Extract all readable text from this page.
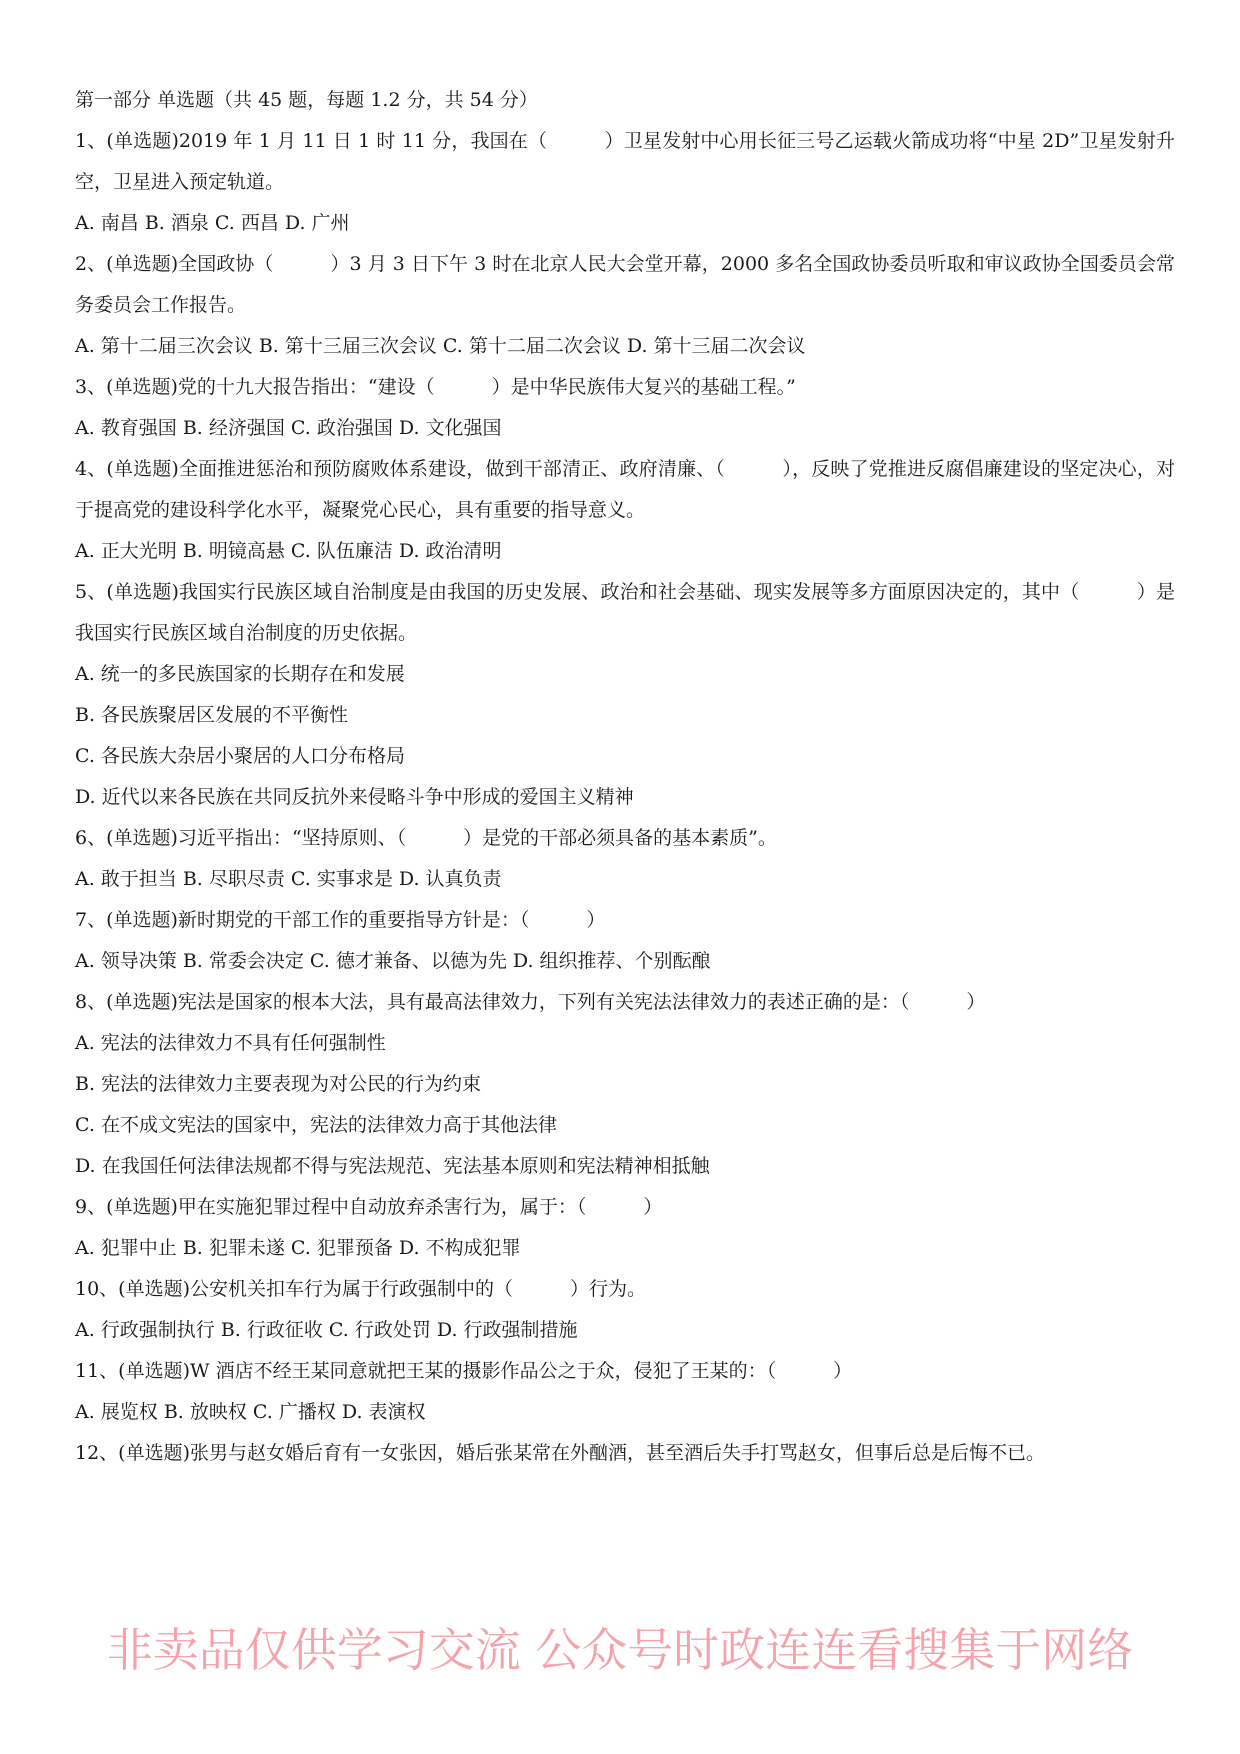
第一部分 单选题（共 45 题，每题 1.2 分，共 54 分）

1、(单选题)2019 年 1 月 11 日 1 时 11 分，我国在（　　　）卫星发射中心用长征三号乙运载火箭成功将“中星 2D”卫星发射升空，卫星进入预定轨道。

A. 南昌 B. 酒泉 C. 西昌 D. 广州

2、(单选题)全国政协（　　　）3 月 3 日下午 3 时在北京人民大会堂开幕，2000 多名全国政协委员听取和审议政协全国委员会常务委员会工作报告。

A. 第十二届三次会议 B. 第十三届三次会议 C. 第十二届二次会议 D. 第十三届二次会议

3、(单选题)党的十九大报告指出：“建设（　　　）是中华民族伟大复兴的基础工程。”

A. 教育强国 B. 经济强国 C. 政治强国 D. 文化强国

4、(单选题)全面推进惩治和预防腐败体系建设，做到干部清正、政府清廉、（　　　），反映了党推进反腐倡廉建设的坚定决心，对于提高党的建设科学化水平，凝聚党心民心，具有重要的指导意义。

A. 正大光明 B. 明镜高悬 C. 队伍廉洁 D. 政治清明

5、(单选题)我国实行民族区域自治制度是由我国的历史发展、政治和社会基础、现实发展等多方面原因决定的，其中（　　　）是我国实行民族区域自治制度的历史依据。

A. 统一的多民族国家的长期存在和发展

B. 各民族聚居区发展的不平衡性

C. 各民族大杂居小聚居的人口分布格局

D. 近代以来各民族在共同反抗外来侵略斗争中形成的爱国主义精神

6、(单选题)习近平指出：“坚持原则、（　　　）是党的干部必须具备的基本素质”。

A. 敢于担当 B. 尽职尽责 C. 实事求是 D. 认真负责

7、(单选题)新时期党的干部工作的重要指导方针是：（　　　）

A. 领导决策 B. 常委会决定 C. 德才兼备、以德为先 D. 组织推荐、个别酝酿

8、(单选题)宪法是国家的根本大法，具有最高法律效力，下列有关宪法法律效力的表述正确的是：（　　　）

A. 宪法的法律效力不具有任何强制性

B. 宪法的法律效力主要表现为对公民的行为约束

C. 在不成文宪法的国家中，宪法的法律效力高于其他法律

D. 在我国任何法律法规都不得与宪法规范、宪法基本原则和宪法精神相抵触

9、(单选题)甲在实施犯罪过程中自动放弃杀害行为，属于：（　　　）

A. 犯罪中止 B. 犯罪未遂 C. 犯罪预备 D. 不构成犯罪

10、(单选题)公安机关扣车行为属于行政强制中的（　　　）行为。

A. 行政强制执行 B. 行政征收 C. 行政处罚 D. 行政强制措施

11、(单选题)W 酒店不经王某同意就把王某的摄影作品公之于众，侵犯了王某的：（　　　）

A. 展览权 B. 放映权 C. 广播权 D. 表演权

12、(单选题)张男与赵女婚后育有一女张因，婚后张某常在外酗酒，甚至酒后失手打骂赵女，但事后总是后悔不已。

非卖品仅供学习交流 公众号时政连连看搜集于网络
